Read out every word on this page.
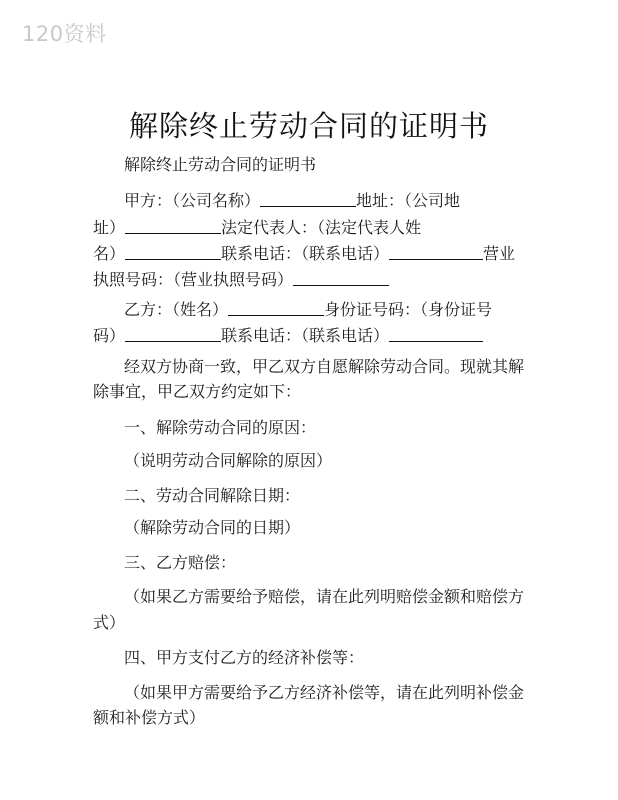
120资料
解除终止劳动合同的证明书
解除终止劳动合同的证明书
甲方：（公司名称）	地址：（公司地
址）	法定代表人：（法定代表人姓
名）	联系电话：（联系电话）	营业
执照号码：（营业执照号码）
乙方：（姓名）	身份证号码：（身份证号
码）	联系电话：（联系电话）
经双方协商一致，甲乙双方自愿解除劳动合同。现就其解
除事宜，甲乙双方约定如下：
一、解除劳动合同的原因：
（说明劳动合同解除的原因）
二、劳动合同解除日期：
（解除劳动合同的日期）
三、乙方赔偿：
（如果乙方需要给予赔偿，请在此列明赔偿金额和赔偿方
式）
四、甲方支付乙方的经济补偿等：
（如果甲方需要给予乙方经济补偿等，请在此列明补偿金
额和补偿方式）
